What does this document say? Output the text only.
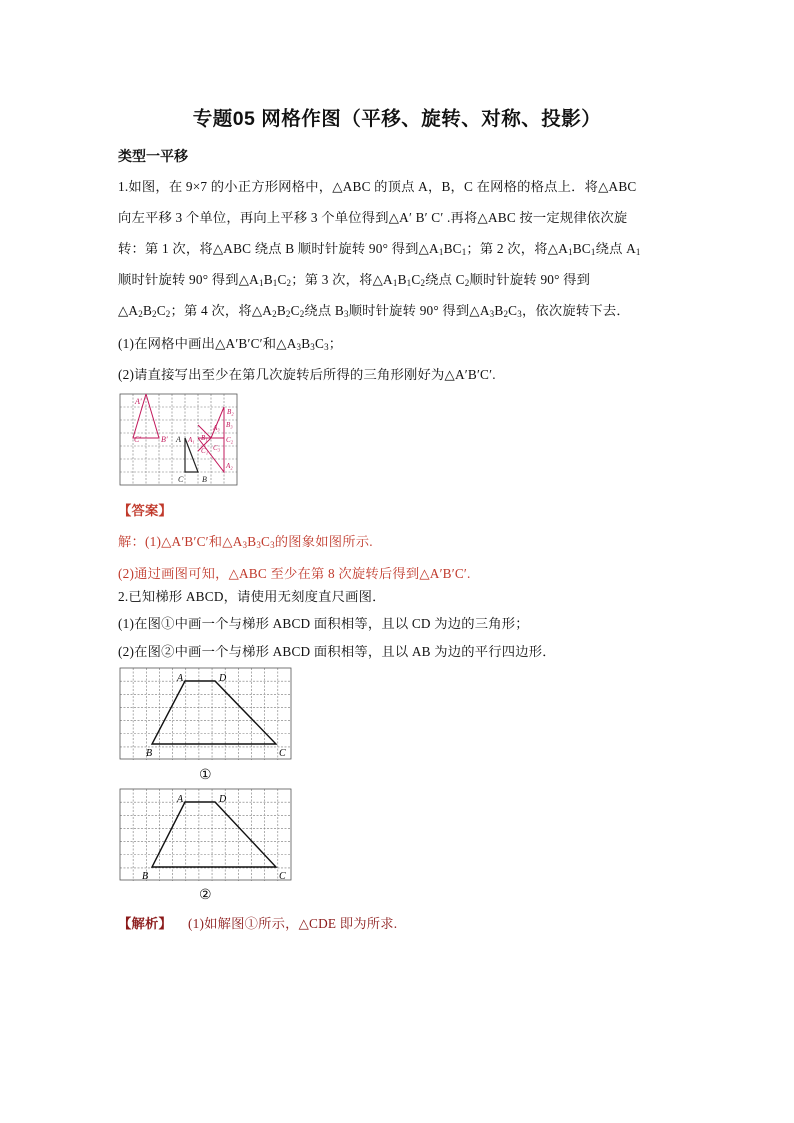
专题05 网格作图（平移、旋转、对称、投影）
类型一平移
1.如图，在 9×7 的小正方形网格中，△ABC 的顶点 A，B，C 在网格的格点上．将△ABC
向左平移 3 个单位，再向上平移 3 个单位得到△A′ B′ C′ .再将△ABC 按一定规律依次旋
转：第 1 次，将△ABC 绕点 B 顺时针旋转 90° 得到$\triangle A_1BC_1$；第 2 次，将$\triangle A_1BC_1$绕点 $A_1$
顺时针旋转 90° 得到$\triangle A_1B_1C_2$；第 3 次，将$\triangle A_1B_1C_2$绕点 $C_2$顺时针旋转 90° 得到
$\triangle A_2B_2C_2$；第 4 次，将$\triangle A_2B_2C_2$绕点 $B_3$顺时针旋转 90° 得到$\triangle A_3B_2C_3$，依次旋转下去．
(1)在网格中画出△A′B′C′和$\triangle A_3B_3C_3$；
(2)请直接写出至少在第几次旋转后所得的三角形刚好为△A′B′C′.
A′
C′ B′ A
B
C
A₁ B₁
C₁
A₂
B₂
C₂
A₃ B₃
C₃
【答案】
解：(1)△A′B′C′和$\triangle A_3B_3C_3$的图象如图所示.
(2)通过画图可知，△ABC 至少在第 8 次旋转后得到△A′B′C′.
2.已知梯形 ABCD，请使用无刻度直尺画图．
(1)在图①中画一个与梯形 ABCD 面积相等，且以 CD 为边的三角形；
(2)在图②中画一个与梯形 ABCD 面积相等，且以 AB 为边的平行四边形．
A	D
B	C
①
A	D
B	C
②
【解析】 (1)如解图①所示，△CDE 即为所求.
